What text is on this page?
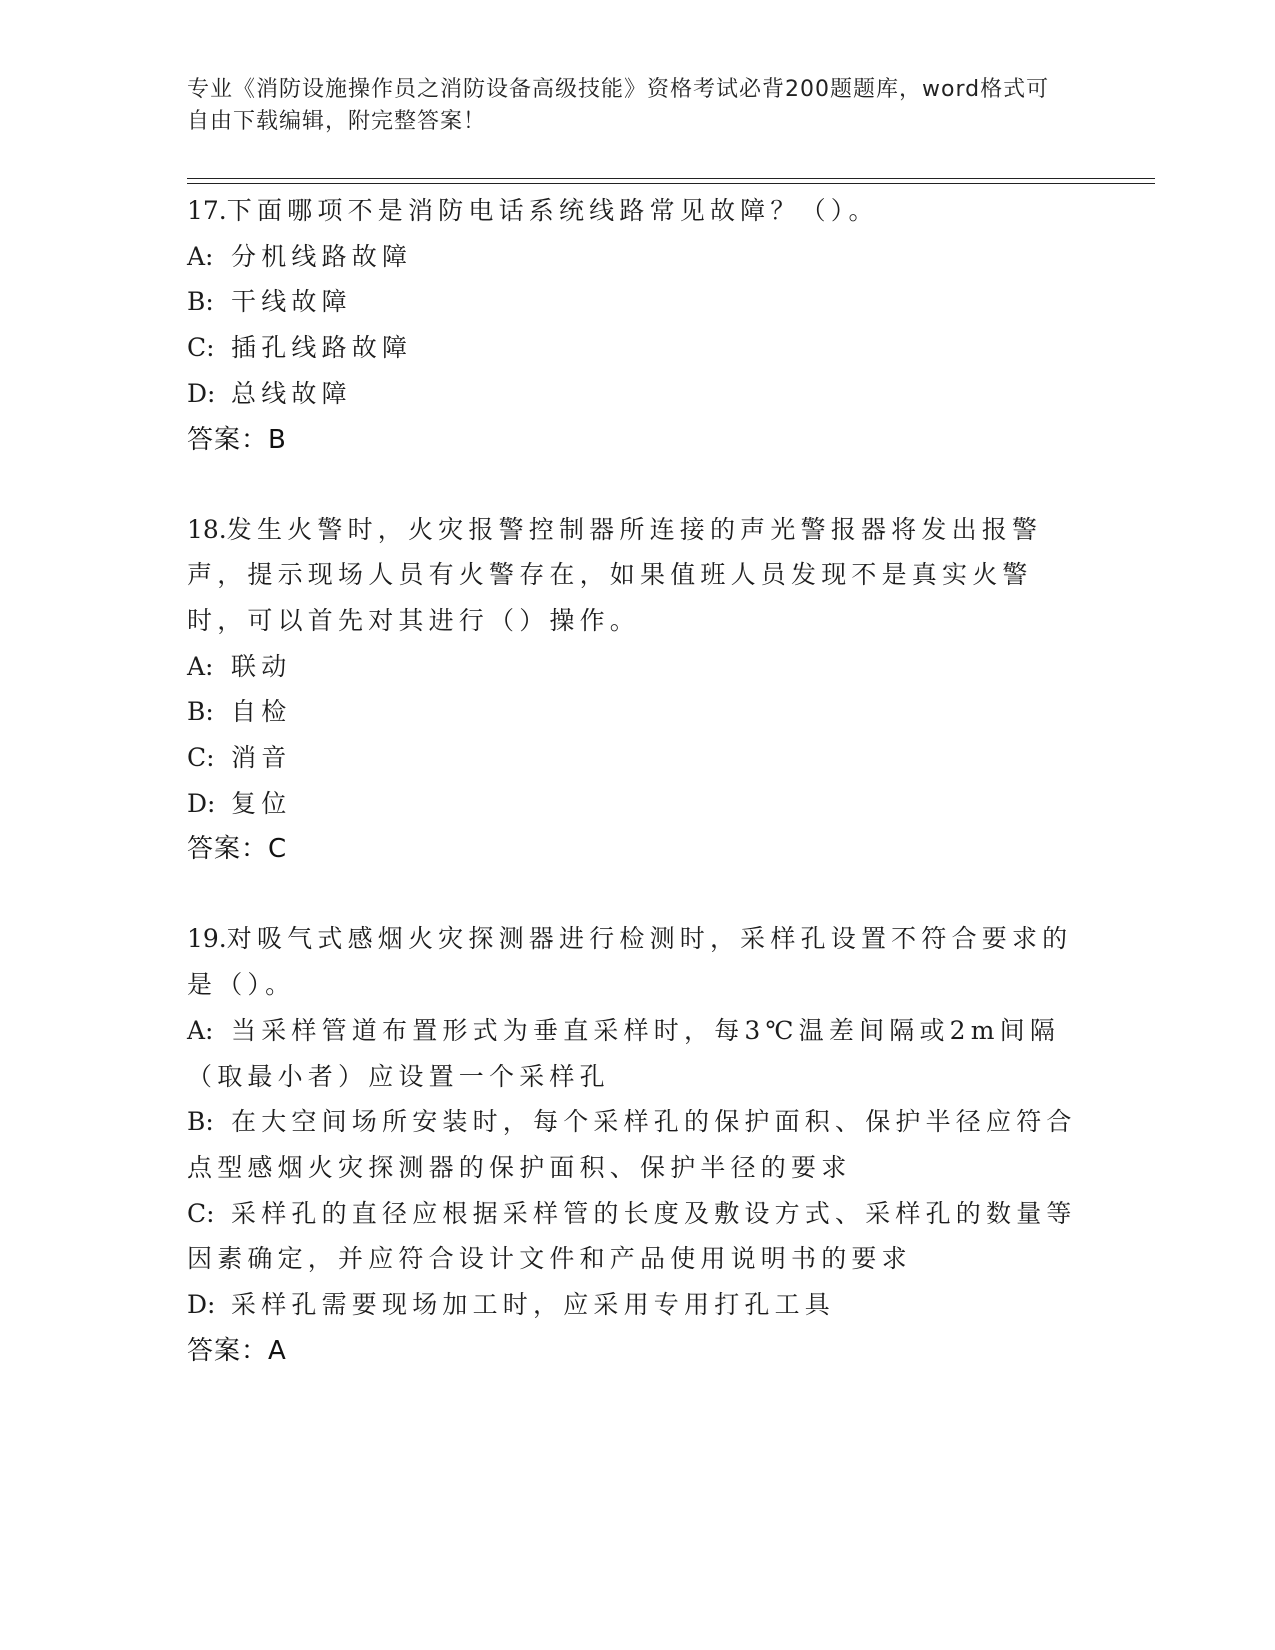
专业《消防设施操作员之消防设备高级技能》资格考试必背200题题库，word格式可自由下载编辑，附完整答案！
17.下面哪项不是消防电话系统线路常见故障？（）。
A: 分机线路故障
B: 干线故障
C: 插孔线路故障
D: 总线故障
答案：B
18.发生火警时，火灾报警控制器所连接的声光警报器将发出报警声，提示现场人员有火警存在，如果值班人员发现不是真实火警时，可以首先对其进行（）操作。
A: 联动
B: 自检
C: 消音
D: 复位
答案：C
19.对吸气式感烟火灾探测器进行检测时，采样孔设置不符合要求的是（）。
A: 当采样管道布置形式为垂直采样时，每3℃温差间隔或2m间隔（取最小者）应设置一个采样孔
B: 在大空间场所安装时，每个采样孔的保护面积、保护半径应符合点型感烟火灾探测器的保护面积、保护半径的要求
C: 采样孔的直径应根据采样管的长度及敷设方式、采样孔的数量等因素确定，并应符合设计文件和产品使用说明书的要求
D: 采样孔需要现场加工时，应采用专用打孔工具
答案：A
